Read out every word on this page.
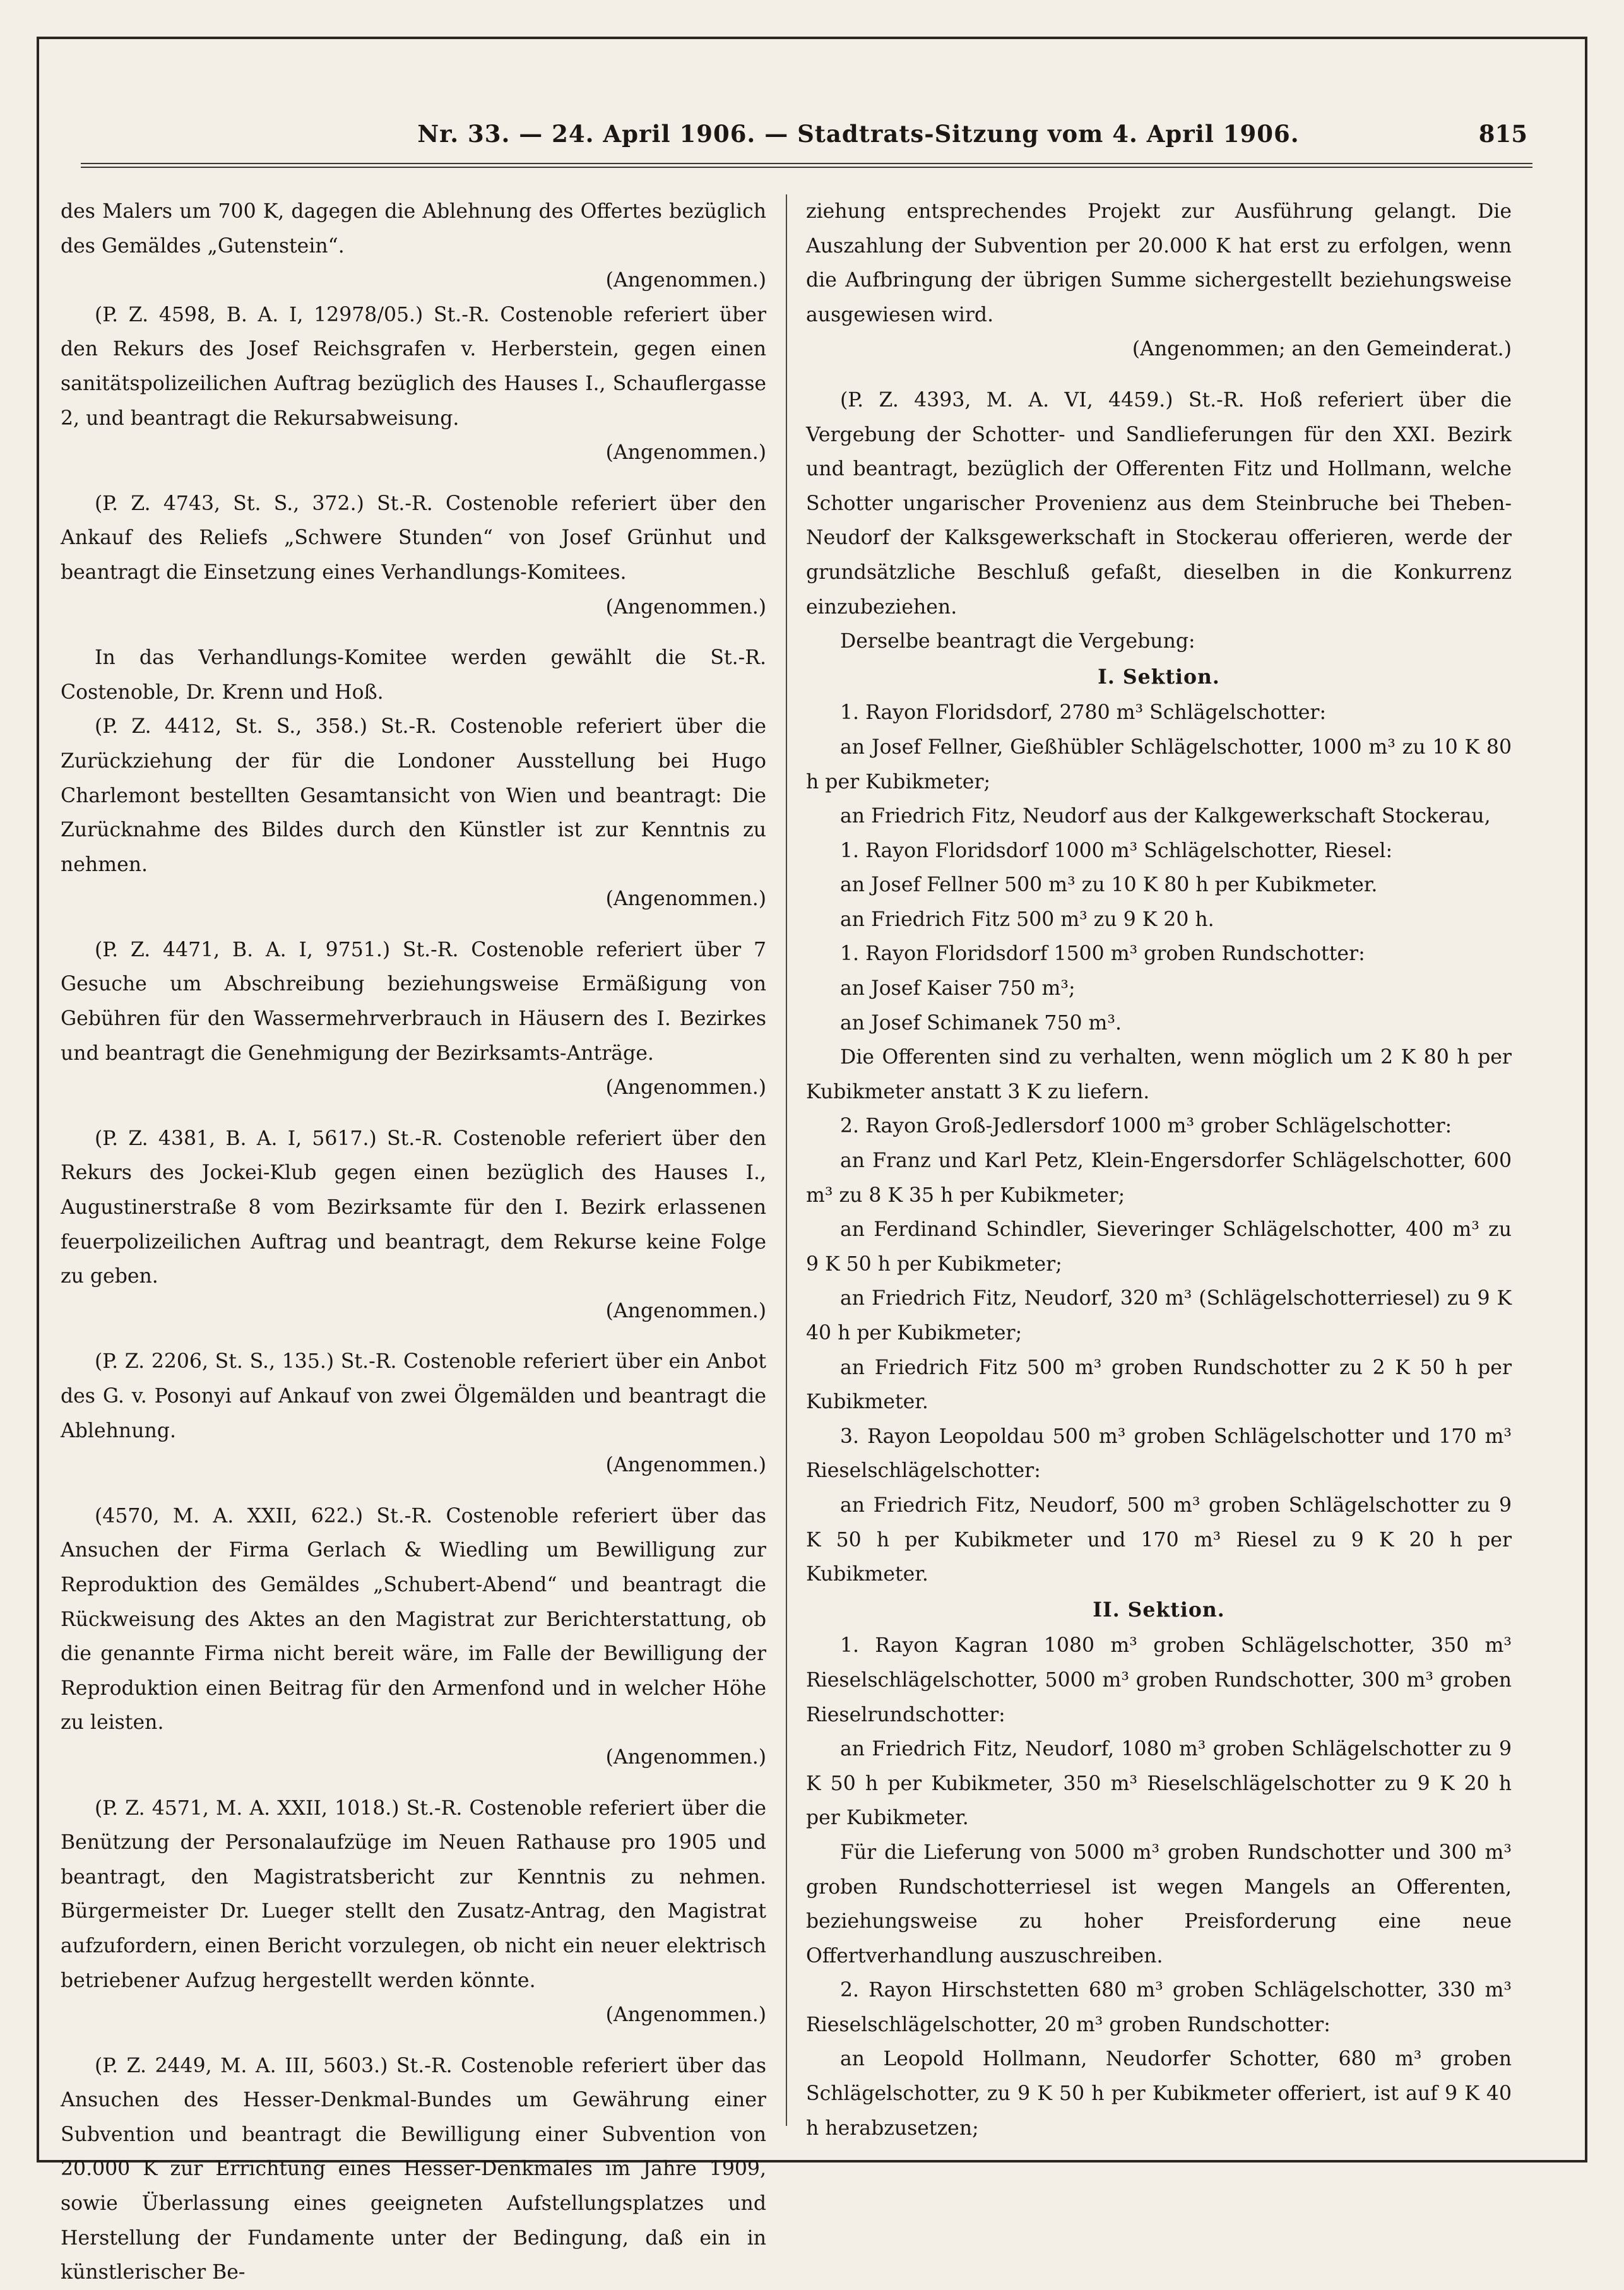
Nr. 33. — 24. April 1906. — Stadtrats-Sitzung vom 4. April 1906.	815

des Malers um 700 K, dagegen die Ablehnung des Offertes bezüglich des Gemäldes „Gutenstein“.

(Angenommen.)

(P. Z. 4598, B. A. I, 12978/05.) St.-R. Costenoble referiert über den Rekurs des Josef Reichsgrafen v. Herberstein, gegen einen sanitätspolizeilichen Auftrag bezüglich des Hauses I., Schauflergasse 2, und beantragt die Rekursabweisung.

(Angenommen.)

(P. Z. 4743, St. S., 372.) St.-R. Costenoble referiert über den Ankauf des Reliefs „Schwere Stunden“ von Josef Grünhut und beantragt die Einsetzung eines Verhandlungs-Komitees.

(Angenommen.)

In das Verhandlungs-Komitee werden gewählt die St.-R. Costenoble, Dr. Krenn und Hoß.

(P. Z. 4412, St. S., 358.) St.-R. Costenoble referiert über die Zurückziehung der für die Londoner Ausstellung bei Hugo Charlemont bestellten Gesamtansicht von Wien und beantragt: Die Zurücknahme des Bildes durch den Künstler ist zur Kenntnis zu nehmen.

(Angenommen.)

(P. Z. 4471, B. A. I, 9751.) St.-R. Costenoble referiert über 7 Gesuche um Abschreibung beziehungsweise Ermäßigung von Gebühren für den Wassermehrverbrauch in Häusern des I. Bezirkes und beantragt die Genehmigung der Bezirksamts-Anträge.

(Angenommen.)

(P. Z. 4381, B. A. I, 5617.) St.-R. Costenoble referiert über den Rekurs des Jockei-Klub gegen einen bezüglich des Hauses I., Augustinerstraße 8 vom Bezirksamte für den I. Bezirk erlassenen feuerpolizeilichen Auftrag und beantragt, dem Rekurse keine Folge zu geben.

(Angenommen.)

(P. Z. 2206, St. S., 135.) St.-R. Costenoble referiert über ein Anbot des G. v. Posonyi auf Ankauf von zwei Ölgemälden und beantragt die Ablehnung.

(Angenommen.)

(4570, M. A. XXII, 622.) St.-R. Costenoble referiert über das Ansuchen der Firma Gerlach & Wiedling um Bewilligung zur Reproduktion des Gemäldes „Schubert-Abend“ und beantragt die Rückweisung des Aktes an den Magistrat zur Berichterstattung, ob die genannte Firma nicht bereit wäre, im Falle der Bewilligung der Reproduktion einen Beitrag für den Armenfond und in welcher Höhe zu leisten.

(Angenommen.)

(P. Z. 4571, M. A. XXII, 1018.) St.-R. Costenoble referiert über die Benützung der Personalaufzüge im Neuen Rathause pro 1905 und beantragt, den Magistratsbericht zur Kenntnis zu nehmen. Bürgermeister Dr. Lueger stellt den Zusatz-Antrag, den Magistrat aufzufordern, einen Bericht vorzulegen, ob nicht ein neuer elektrisch betriebener Aufzug hergestellt werden könnte.

(Angenommen.)

(P. Z. 2449, M. A. III, 5603.) St.-R. Costenoble referiert über das Ansuchen des Hesser-Denkmal-Bundes um Gewährung einer Subvention und beantragt die Bewilligung einer Subvention von 20.000 K zur Errichtung eines Hesser-Denkmales im Jahre 1909, sowie Überlassung eines geeigneten Aufstellungsplatzes und Herstellung der Fundamente unter der Bedingung, daß ein in künstlerischer Be-

ziehung entsprechendes Projekt zur Ausführung gelangt. Die Auszahlung der Subvention per 20.000 K hat erst zu erfolgen, wenn die Aufbringung der übrigen Summe sichergestellt beziehungsweise ausgewiesen wird.

(Angenommen; an den Gemeinderat.)

(P. Z. 4393, M. A. VI, 4459.) St.-R. Hoß referiert über die Vergebung der Schotter- und Sandlieferungen für den XXI. Bezirk und beantragt, bezüglich der Offerenten Fitz und Hollmann, welche Schotter ungarischer Provenienz aus dem Steinbruche bei Theben-Neudorf der Kalksgewerkschaft in Stockerau offerieren, werde der grundsätzliche Beschluß gefaßt, dieselben in die Konkurrenz einzubeziehen.

Derselbe beantragt die Vergebung:

I. Sektion.

1. Rayon Floridsdorf, 2780 m³ Schlägelschotter:

an Josef Fellner, Gießhübler Schlägelschotter, 1000 m³ zu 10 K 80 h per Kubikmeter;

an Friedrich Fitz, Neudorf aus der Kalkgewerkschaft Stockerau,

1. Rayon Floridsdorf 1000 m³ Schlägelschotter, Riesel:

an Josef Fellner 500 m³ zu 10 K 80 h per Kubikmeter.

an Friedrich Fitz 500 m³ zu 9 K 20 h.

1. Rayon Floridsdorf 1500 m³ groben Rundschotter:

an Josef Kaiser 750 m³;

an Josef Schimanek 750 m³.

Die Offerenten sind zu verhalten, wenn möglich um 2 K 80 h per Kubikmeter anstatt 3 K zu liefern.

2. Rayon Groß-Jedlersdorf 1000 m³ grober Schlägelschotter:

an Franz und Karl Petz, Klein-Engersdorfer Schlägelschotter, 600 m³ zu 8 K 35 h per Kubikmeter;

an Ferdinand Schindler, Sieveringer Schlägelschotter, 400 m³ zu 9 K 50 h per Kubikmeter;

an Friedrich Fitz, Neudorf, 320 m³ (Schlägelschotterriesel) zu 9 K 40 h per Kubikmeter;

an Friedrich Fitz 500 m³ groben Rundschotter zu 2 K 50 h per Kubikmeter.

3. Rayon Leopoldau 500 m³ groben Schlägelschotter und 170 m³ Rieselschlägelschotter:

an Friedrich Fitz, Neudorf, 500 m³ groben Schlägelschotter zu 9 K 50 h per Kubikmeter und 170 m³ Riesel zu 9 K 20 h per Kubikmeter.

II. Sektion.

1. Rayon Kagran 1080 m³ groben Schlägelschotter, 350 m³ Rieselschlägelschotter, 5000 m³ groben Rundschotter, 300 m³ groben Rieselrundschotter:

an Friedrich Fitz, Neudorf, 1080 m³ groben Schlägelschotter zu 9 K 50 h per Kubikmeter, 350 m³ Rieselschlägelschotter zu 9 K 20 h per Kubikmeter.

Für die Lieferung von 5000 m³ groben Rundschotter und 300 m³ groben Rundschotterriesel ist wegen Mangels an Offerenten, beziehungsweise zu hoher Preisforderung eine neue Offertverhandlung auszuschreiben.

2. Rayon Hirschstetten 680 m³ groben Schlägelschotter, 330 m³ Rieselschlägelschotter, 20 m³ groben Rundschotter:

an Leopold Hollmann, Neudorfer Schotter, 680 m³ groben Schlägelschotter, zu 9 K 50 h per Kubikmeter offeriert, ist auf 9 K 40 h herabzusetzen;
